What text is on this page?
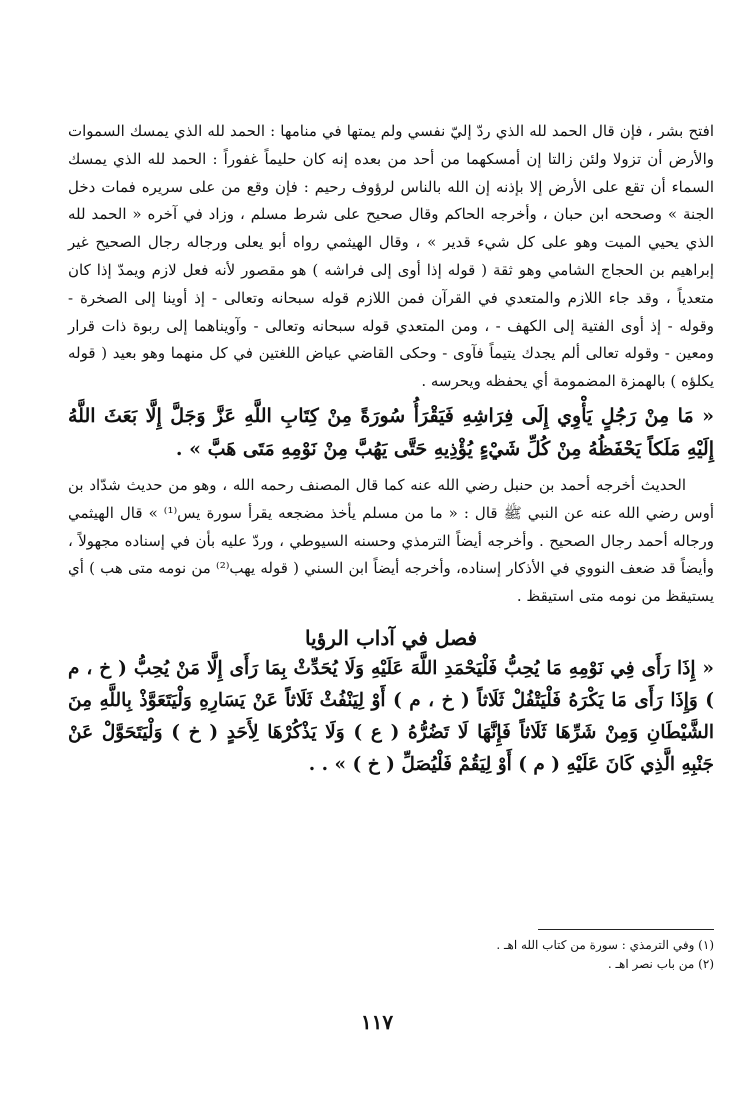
افتح بشر ، فإن قال الحمد لله الذي ردّ إليّ نفسي ولم يمتها في منامها : الحمد لله الذي يمسك السموات والأرض أن تزولا ولئن زالتا إن أمسكهما من أحد من بعده إنه كان حليماً غفوراً : الحمد لله الذي يمسك السماء أن تقع على الأرض إلا بإذنه إن الله بالناس لرؤوف رحيم : فإن وقع من على سريره فمات دخل الجنة » وصححه ابن حبان ، وأخرجه الحاكم وقال صحيح على شرط مسلم ، وزاد في آخره « الحمد لله الذي يحيي الميت وهو على كل شيء قدير » ، وقال الهيثمي رواه أبو يعلى ورجاله رجال الصحيح غير إبراهيم بن الحجاج الشامي وهو ثقة ( قوله إذا أوى إلى فراشه ) هو مقصور لأنه فعل لازم ويمدّ إذا كان متعدياً ، وقد جاء اللازم والمتعدي في القرآن فمن اللازم قوله سبحانه وتعالى - إذ أوينا إلى الصخرة - وقوله - إذ أوى الفتية إلى الكهف - ، ومن المتعدي قوله سبحانه وتعالى - وآويناهما إلى ربوة ذات قرار ومعين - وقوله تعالى ألم يجدك يتيماً فآوى - وحكى القاضي عياض اللغتين في كل منهما وهو بعيد ( قوله يكلؤه ) بالهمزة المضمومة أي يحفظه ويحرسه .

« مَا مِنْ رَجُلٍ يَأْوِي إِلَى فِرَاشِهِ فَيَقْرَأُ سُورَةً مِنْ كِتَابِ اللَّهِ عَزَّ وَجَلَّ إِلَّا بَعَثَ اللَّهُ إِلَيْهِ مَلَكاً يَحْفَظُهُ مِنْ كُلِّ شَيْءٍ يُؤْذِيهِ حَتَّى يَهُبَّ مِنْ نَوْمِهِ مَتَى هَبَّ » .

الحديث أخرجه أحمد بن حنبل رضي الله عنه كما قال المصنف رحمه الله ، وهو من حديث شدّاد بن أوس رضي الله عنه عن النبي ﷺ قال : « ما من مسلم يأخذ مضجعه يقرأ سورة يس⁽¹⁾ » قال الهيثمي ورجاله أحمد رجال الصحيح . وأخرجه أيضاً الترمذي وحسنه السيوطي ، وردّ عليه بأن في إسناده مجهولاً ، وأيضاً قد ضعف النووي في الأذكار إسناده، وأخرجه أيضاً ابن السني ( قوله يهب⁽²⁾ من نومه متى هب ) أي يستيقظ من نومه متى استيقظ .

فصل في آداب الرؤيا

« إِذَا رَأَى فِي نَوْمِهِ مَا يُحِبُّ فَلْيَحْمَدِ اللَّهَ عَلَيْهِ وَلَا يُحَدِّثْ بِمَا رَأَى إِلَّا مَنْ يُحِبُّ ( خ ، م ) وَإِذَا رَأَى مَا يَكْرَهُ فَلْيَتْفُلْ ثَلَاثاً ( خ ، م ) أَوْ لِيَنْفُثْ ثَلَاثاً عَنْ يَسَارِهِ وَلْيَتَعَوَّذْ بِاللَّهِ مِنَ الشَّيْطَانِ وَمِنْ شَرِّهَا ثَلَاثاً فَإِنَّهَا لَا تَضُرُّهُ ( ع ) وَلَا يَذْكُرْهَا لِأَحَدٍ ( خ ) وَلْيَتَحَوَّلْ عَنْ جَنْبِهِ الَّذِي كَانَ عَلَيْهِ ( م ) أَوْ لِيَقُمْ فَلْيُصَلِّ ( خ ) » . .

(١) وفي الترمذي : سورة من كتاب الله اهـ .

(٢) من باب نصر اهـ .

١١٧
